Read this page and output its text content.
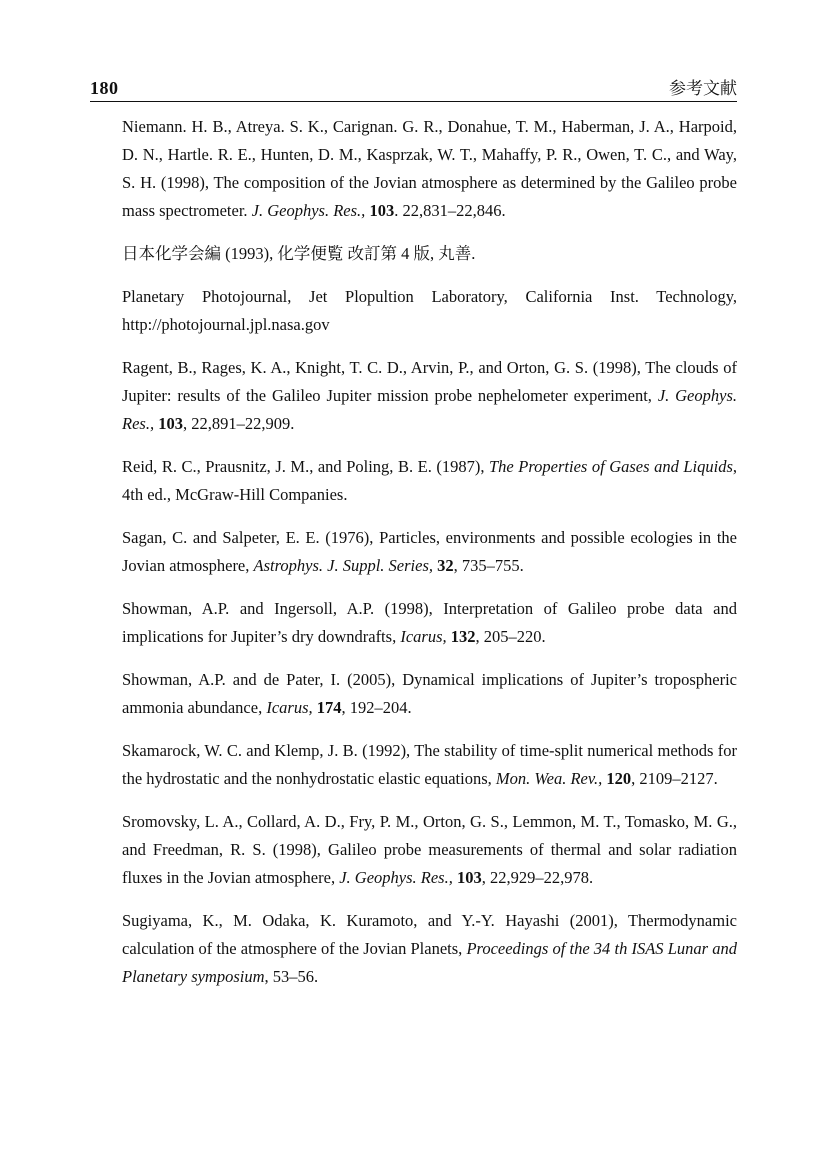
180	参考文献

Niemann. H. B., Atreya. S. K., Carignan. G. R., Donahue, T. M., Haberman, J. A., Harpoid, D. N., Hartle. R. E., Hunten, D. M., Kasprzak, W. T., Mahaffy, P. R., Owen, T. C., and Way, S. H. (1998), The composition of the Jovian atmosphere as determined by the Galileo probe mass spectrometer. J. Geophys. Res., 103. 22,831–22,846.

日本化学会編 (1993), 化学便覧 改訂第 4 版, 丸善.

Planetary Photojournal, Jet Plopultion Laboratory, California Inst. Technology, http://photojournal.jpl.nasa.gov

Ragent, B., Rages, K. A., Knight, T. C. D., Arvin, P., and Orton, G. S. (1998), The clouds of Jupiter: results of the Galileo Jupiter mission probe nephelometer experiment, J. Geophys. Res., 103, 22,891–22,909.

Reid, R. C., Prausnitz, J. M., and Poling, B. E. (1987), The Properties of Gases and Liquids, 4th ed., McGraw-Hill Companies.

Sagan, C. and Salpeter, E. E. (1976), Particles, environments and possible ecologies in the Jovian atmosphere, Astrophys. J. Suppl. Series, 32, 735–755.

Showman, A.P. and Ingersoll, A.P. (1998), Interpretation of Galileo probe data and implications for Jupiter’s dry downdrafts, Icarus, 132, 205–220.

Showman, A.P. and de Pater, I. (2005), Dynamical implications of Jupiter’s tropospheric ammonia abundance, Icarus, 174, 192–204.

Skamarock, W. C. and Klemp, J. B. (1992), The stability of time-split numerical methods for the hydrostatic and the nonhydrostatic elastic equations, Mon. Wea. Rev., 120, 2109–2127.

Sromovsky, L. A., Collard, A. D., Fry, P. M., Orton, G. S., Lemmon, M. T., Tomasko, M. G., and Freedman, R. S. (1998), Galileo probe measurements of thermal and solar radiation fluxes in the Jovian atmosphere, J. Geophys. Res., 103, 22,929–22,978.

Sugiyama, K., M. Odaka, K. Kuramoto, and Y.-Y. Hayashi (2001), Thermodynamic calculation of the atmosphere of the Jovian Planets, Proceedings of the 34 th ISAS Lunar and Planetary symposium, 53–56.
